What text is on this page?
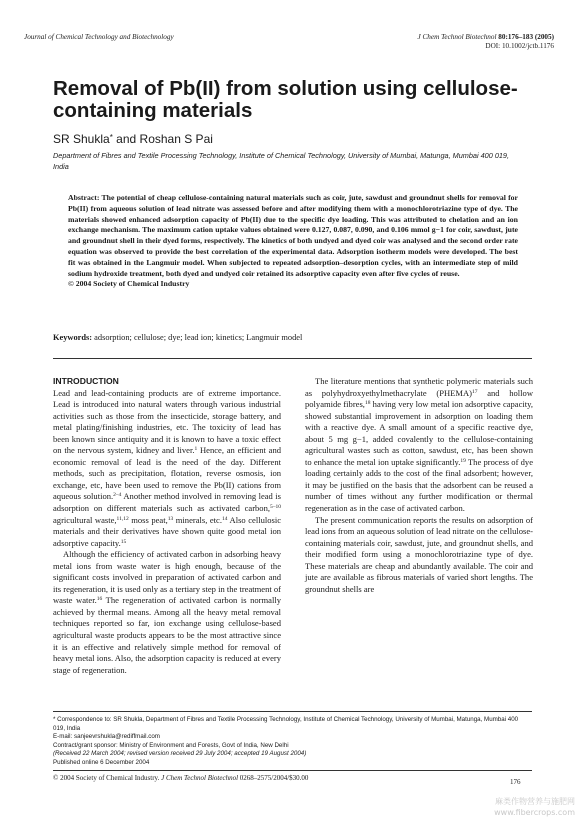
Journal of Chemical Technology and Biotechnology	J Chem Technol Biotechnol 80:176–183 (2005)
DOI: 10.1002/jctb.1176
Removal of Pb(II) from solution using cellulose-containing materials
SR Shukla* and Roshan S Pai
Department of Fibres and Textile Processing Technology, Institute of Chemical Technology, University of Mumbai, Matunga, Mumbai 400 019, India
Abstract: The potential of cheap cellulose-containing natural materials such as coir, jute, sawdust and groundnut shells for removal for Pb(II) from aqueous solution of lead nitrate was assessed before and after modifying them with a monochlorotriazine type of dye. The materials showed enhanced adsorption capacity of Pb(II) due to the specific dye loading. This was attributed to chelation and an ion exchange mechanism. The maximum cation uptake values obtained were 0.127, 0.087, 0.090, and 0.106 mmol g−1 for coir, sawdust, jute and groundnut shell in their dyed forms, respectively. The kinetics of both undyed and dyed coir was analysed and the second order rate equation was observed to provide the best correlation of the experimental data. Adsorption isotherm models were developed. The best fit was obtained in the Langmuir model. When subjected to repeated adsorption–desorption cycles, with an intermediate step of mild sodium hydroxide treatment, both dyed and undyed coir retained its adsorptive capacity even after five cycles of reuse.
© 2004 Society of Chemical Industry
Keywords: adsorption; cellulose; dye; lead ion; kinetics; Langmuir model

INTRODUCTION

Lead and lead-containing products are of extreme importance. Lead is introduced into natural waters through various industrial activities such as those from the insecticide, storage battery, and metal plating/finishing industries, etc. The toxicity of lead has been known since antiquity and it is known to have a toxic effect on the nervous system, kidney and liver.$^1$ Hence, an efficient and economic removal of lead is the need of the day. Different methods, such as precipitation, flotation, reverse osmosis, ion exchange, etc, have been used to remove the Pb(II) cations from aqueous solution.$^{2-4}$ Another method involved in removing lead is adsorption on different materials such as activated carbon,$^{5-10}$ agricultural waste,$^{11,12}$ moss peat,$^{13}$ minerals, etc.$^{14}$ Also cellulosic materials and their derivatives have shown quite good metal ion adsorptive capacity.$^{15}$

Although the efficiency of activated carbon in adsorbing heavy metal ions from waste water is high enough, because of the significant costs involved in preparation of activated carbon and its regeneration, it is used only as a tertiary step in the treatment of waste water.$^{16}$ The regeneration of activated carbon is normally achieved by thermal means. Among all the heavy metal removal techniques reported so far, ion exchange using cellulose-based agricultural waste products appears to be the most attractive since it is an effective and relatively simple method for removal of heavy metal ions. Also, the adsorption capacity is reduced at every stage of regeneration.

The literature mentions that synthetic polymeric materials such as polyhydroxyethylmethacrylate (PHEMA)$^{17}$ and hollow polyamide fibres,$^{18}$ having very low metal ion adsorptive capacity, showed substantial improvement in adsorption on loading them with a reactive dye. A small amount of a specific reactive dye, about 5 mg g−1, added covalently to the cellulose-containing agricultural wastes such as cotton, sawdust, etc, has been shown to enhance the metal ion uptake significantly.$^{19}$ The process of dye loading certainly adds to the cost of the final adsorbent; however, it may be justified on the basis that the adsorbent can be reused a number of times without any further modification or thermal regeneration as in the case of activated carbon.

The present communication reports the results on adsorption of lead ions from an aqueous solution of lead nitrate on the cellulose-containing materials coir, sawdust, jute, and groundnut shells, and their modified form using a monochlorotriazine type of dye. These materials are cheap and abundantly available. The coir and jute are available as fibrous materials of varied short lengths. The groundnut shells are

* Correspondence to: SR Shukla, Department of Fibres and Textile Processing Technology, Institute of Chemical Technology, University of Mumbai, Matunga, Mumbai 400 019, India
E-mail: sanjeevrshukla@rediffmail.com
Contract/grant sponsor: Ministry of Environment and Forests, Govt of India, New Delhi
(Received 22 March 2004; revised version received 29 July 2004; accepted 19 August 2004)
Published online 6 December 2004
© 2004 Society of Chemical Industry. J Chem Technol Biotechnol 0268–2575/2004/$30.00	176
麻类作物营养与施肥网
www.fibercrops.com
